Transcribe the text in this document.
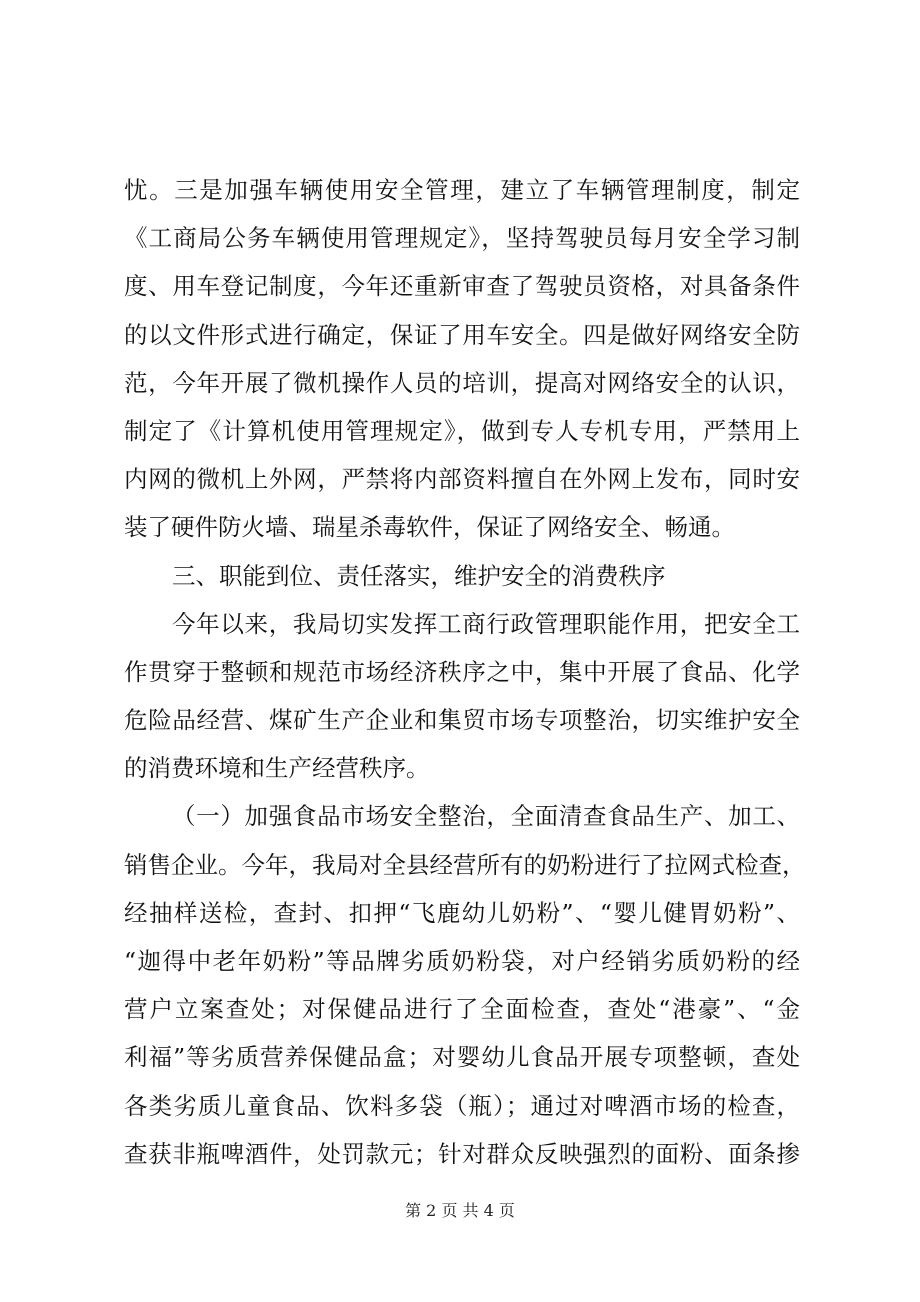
忧。三是加强车辆使用安全管理，建立了车辆管理制度，制定
《工商局公务车辆使用管理规定》，坚持驾驶员每月安全学习制
度、用车登记制度，今年还重新审查了驾驶员资格，对具备条件
的以文件形式进行确定，保证了用车安全。四是做好网络安全防
范，今年开展了微机操作人员的培训，提高对网络安全的认识，
制定了《计算机使用管理规定》，做到专人专机专用，严禁用上
内网的微机上外网，严禁将内部资料擅自在外网上发布，同时安
装了硬件防火墙、瑞星杀毒软件，保证了网络安全、畅通。
三、职能到位、责任落实，维护安全的消费秩序
今年以来，我局切实发挥工商行政管理职能作用，把安全工
作贯穿于整顿和规范市场经济秩序之中，集中开展了食品、化学
危险品经营、煤矿生产企业和集贸市场专项整治，切实维护安全
的消费环境和生产经营秩序。
（一）加强食品市场安全整治，全面清查食品生产、加工、
销售企业。今年，我局对全县经营所有的奶粉进行了拉网式检查，
经抽样送检，查封、扣押“飞鹿幼儿奶粉”、“婴儿健胃奶粉”、
“迦得中老年奶粉”等品牌劣质奶粉袋，对户经销劣质奶粉的经
营户立案查处；对保健品进行了全面检查，查处“港豪”、“金
利福”等劣质营养保健品盒；对婴幼儿食品开展专项整顿，查处
各类劣质儿童食品、饮料多袋（瓶）；通过对啤酒市场的检查，
查获非瓶啤酒件，处罚款元；针对群众反映强烈的面粉、面条掺
第 2 页 共 4 页
